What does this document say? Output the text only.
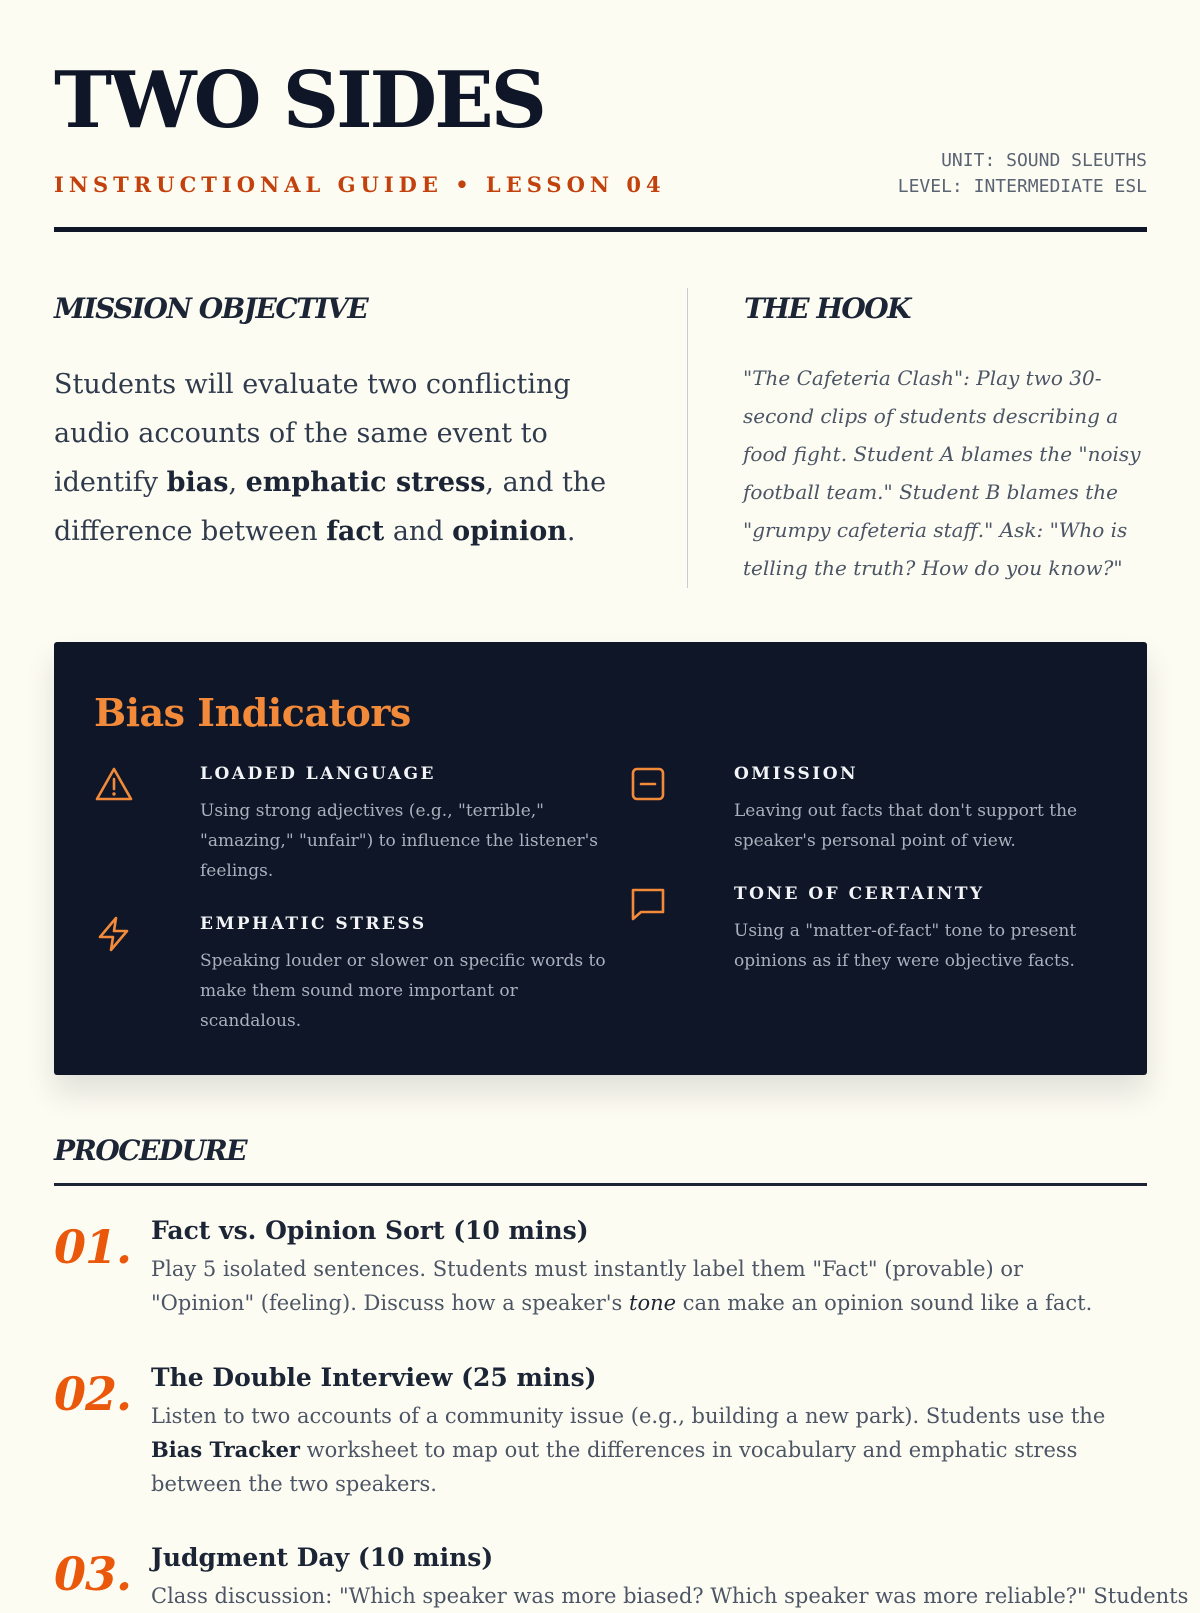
TWO SIDES
INSTRUCTIONAL GUIDE • LESSON 04
UNIT: SOUND SLEUTHS
LEVEL: INTERMEDIATE ESL
MISSION OBJECTIVE
Students will evaluate two conflicting audio accounts of the same event to identify bias, emphatic stress, and the difference between fact and opinion.
THE HOOK
"The Cafeteria Clash": Play two 30-second clips of students describing a food fight. Student A blames the "noisy football team." Student B blames the "grumpy cafeteria staff." Ask: "Who is telling the truth? How do you know?"
Bias Indicators
LOADED LANGUAGE
Using strong adjectives (e.g., "terrible," "amazing," "unfair") to influence the listener's feelings.
EMPHATIC STRESS
Speaking louder or slower on specific words to make them sound more important or scandalous.
OMISSION
Leaving out facts that don't support the speaker's personal point of view.
TONE OF CERTAINTY
Using a "matter-of-fact" tone to present opinions as if they were objective facts.
PROCEDURE
01. Fact vs. Opinion Sort (10 mins)
Play 5 isolated sentences. Students must instantly label them "Fact" (provable) or "Opinion" (feeling). Discuss how a speaker's tone can make an opinion sound like a fact.
02. The Double Interview (25 mins)
Listen to two accounts of a community issue (e.g., building a new park). Students use the Bias Tracker worksheet to map out the differences in vocabulary and emphatic stress between the two speakers.
03. Judgment Day (10 mins)
Class discussion: "Which speaker was more biased? Which speaker was more reliable?" Students
